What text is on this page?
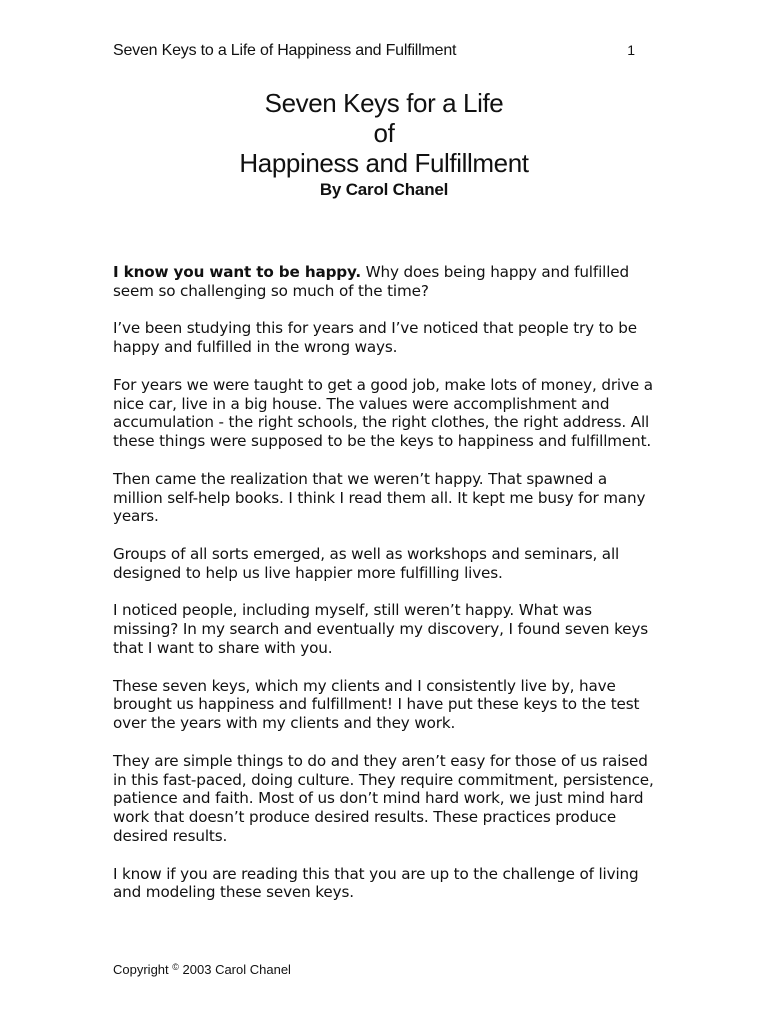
Seven Keys to a Life of Happiness and Fulfillment	1
Seven Keys for a Life
of
Happiness and Fulfillment
By Carol Chanel

I know you want to be happy. Why does being happy and fulfilled seem so challenging so much of the time?

I’ve been studying this for years and I’ve noticed that people try to be happy and fulfilled in the wrong ways.

For years we were taught to get a good job, make lots of money, drive a nice car, live in a big house. The values were accomplishment and accumulation - the right schools, the right clothes, the right address. All these things were supposed to be the keys to happiness and fulfillment.

Then came the realization that we weren’t happy. That spawned a million self-help books. I think I read them all. It kept me busy for many years.

Groups of all sorts emerged, as well as workshops and seminars, all designed to help us live happier more fulfilling lives.

I noticed people, including myself, still weren’t happy. What was missing? In my search and eventually my discovery, I found seven keys that I want to share with you.

These seven keys, which my clients and I consistently live by, have brought us happiness and fulfillment! I have put these keys to the test over the years with my clients and they work.

They are simple things to do and they aren’t easy for those of us raised in this fast-paced, doing culture. They require commitment, persistence, patience and faith. Most of us don’t mind hard work, we just mind hard work that doesn’t produce desired results. These practices produce desired results.

I know if you are reading this that you are up to the challenge of living and modeling these seven keys.

Copyright © 2003 Carol Chanel
